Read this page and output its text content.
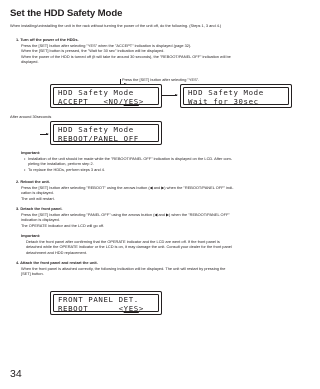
Set the HDD Safety Mode
When installing/uninstalling the unit in the rack without turning the power of the unit off, do the following. (Steps 1, 3 and 4.)
1. Turn off the power of the HDDs.
Press the [SET] button after selecting "YES" when the "ACCEPT" indication is displayed (page 32).
When the [SET] button is pressed, the "Wait for 30 sec" indication will be displayed.
When the power of the HDD is turned off (it will take for around 30 seconds), the "REBOOT/PANEL OFF" indication will be
displayed.
Press the [SET] button after selecting "YES".
HDD Safety Mode
ACCEPT   <NO/YES>
HDD Safety Mode
Wait for 30sec
After around 30seconds
HDD Safety Mode
REBOOT/PANEL OFF
Important:
• Installation of the unit should be made while the "REBOOT/PANEL OFF" indication is displayed on the LCD. After com-
pleting the installation, perform step 2.
• To replace the HDDs, perform steps 3 and 4.
2. Reboot the unit.
Press the [SET] button after selecting "REBOOT" using the arrows button (◀ and ▶) when the "REBOOT/PANEL OFF" indi-
cation is displayed.
The unit will restart.
3. Detach the front panel.
Press the [SET] button after selecting "PANEL OFF" using the arrows button (◀ and ▶) when the "REBOOT/PANEL OFF"
indication is displayed.
The OPERATE indicator and the LCD will go off.
Important:
Detach the front panel after confirming that the OPERATE indicator and the LCD are went off. If the front panel is
detached while the OPERATE indicator or the LCD is on, it may damage the unit. Consult your dealer for the front panel
detachment and HDD replacement.
4. Attach the front panel and restart the unit.
When the front panel is attached correctly, the following indication will be displayed. The unit will restart by pressing the
[SET] button.
FRONT PANEL DET.
REBOOT      <YES>
34
